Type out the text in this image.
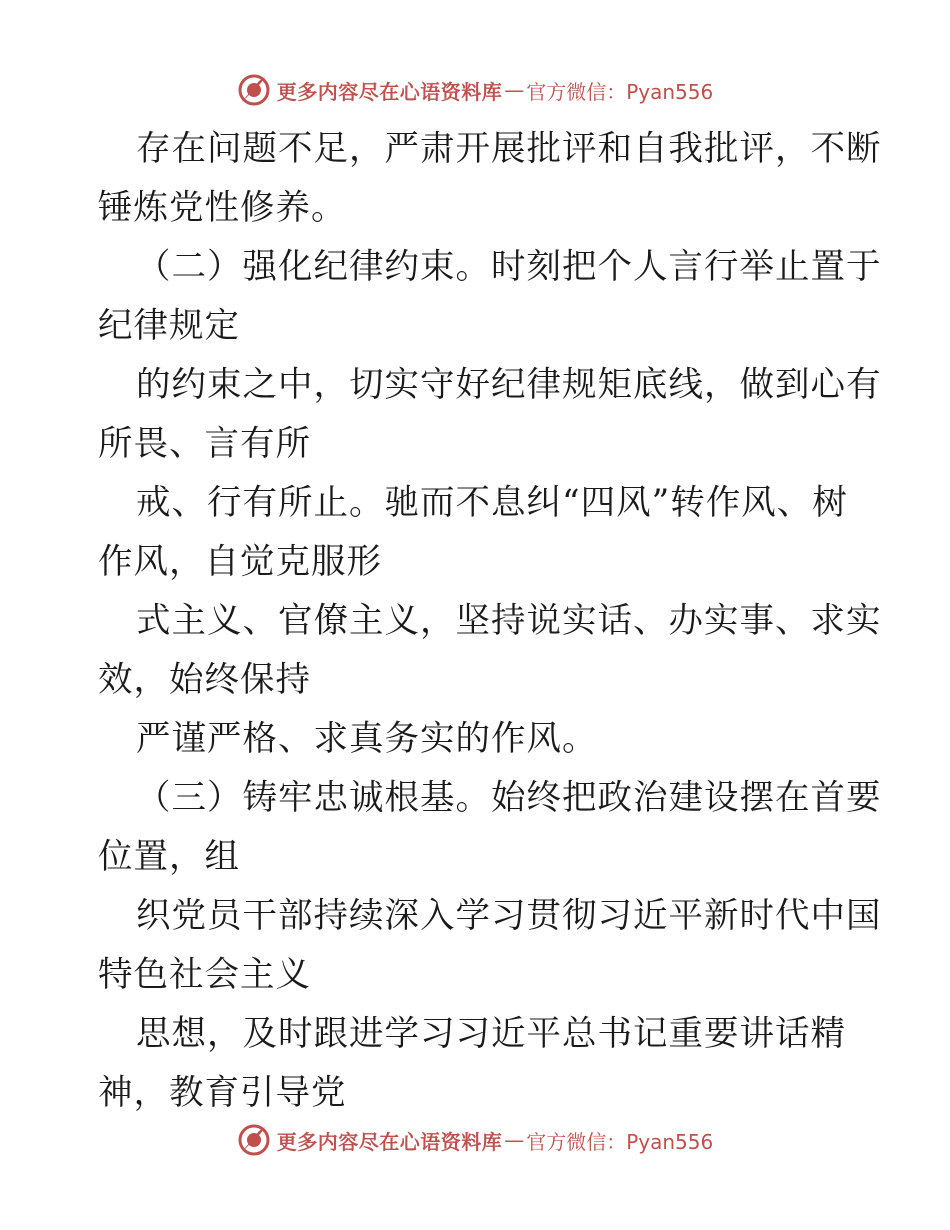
更多内容尽在心语资料库 — 官方微信：Pyan556
存在问题不足，严肃开展批评和自我批评，不断
锤炼党性修养。
（二）强化纪律约束。时刻把个人言行举止置于
纪律规定
的约束之中，切实守好纪律规矩底线，做到心有
所畏、言有所
戒、行有所止。驰而不息纠“四风”转作风、树
作风，自觉克服形
式主义、官僚主义，坚持说实话、办实事、求实
效，始终保持
严谨严格、求真务实的作风。
（三）铸牢忠诚根基。始终把政治建设摆在首要
位置，组
织党员干部持续深入学习贯彻习近平新时代中国
特色社会主义
思想，及时跟进学习习近平总书记重要讲话精
神，教育引导党
更多内容尽在心语资料库 — 官方微信：Pyan556
